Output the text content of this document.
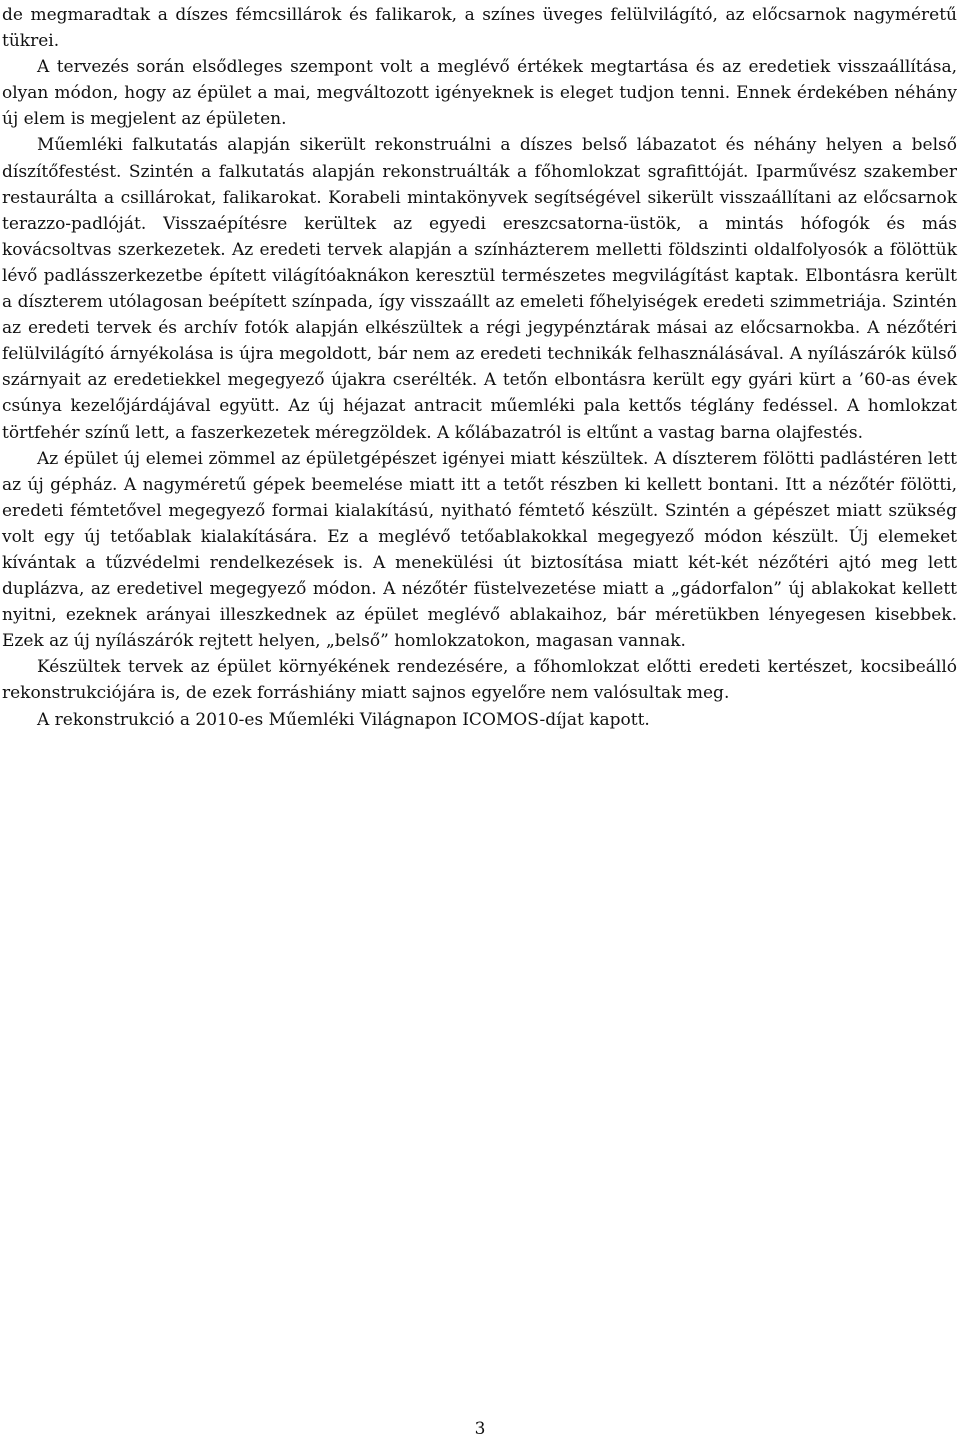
de megmaradtak a díszes fémcsillárok és falikarok, a színes üveges felülvilágító, az előcsarnok nagyméretű tükrei.

A tervezés során elsődleges szempont volt a meglévő értékek megtartása és az eredetiek visszaállítása, olyan módon, hogy az épület a mai, megváltozott igényeknek is eleget tudjon tenni. Ennek érdekében néhány új elem is megjelent az épületen.

Műemléki falkutatás alapján sikerült rekonstruálni a díszes belső lábazatot és néhány helyen a belső díszítőfestést. Szintén a falkutatás alapján rekonstruálták a főhomlokzat sgrafittóját. Iparművész szakember restaurálta a csillárokat, falikarokat. Korabeli mintakönyvek segítségével sikerült visszaállítani az előcsarnok terazzo-padlóját. Visszaépítésre kerültek az egyedi ereszcsatorna-üstök, a mintás hófogók és más kovácsoltvas szerkezetek. Az eredeti tervek alapján a színházterem melletti földszinti oldalfolyosók a fölöttük lévő padlásszerkezetbe épített világítóaknákon keresztül természetes megvilágítást kaptak. Elbontásra került a díszterem utólagosan beépített színpada, így visszaállt az emeleti főhelyiségek eredeti szimmetriája. Szintén az eredeti tervek és archív fotók alapján elkészültek a régi jegypénztárak másai az előcsarnokba. A nézőtéri felülvilágító árnyékolása is újra megoldott, bár nem az eredeti technikák felhasználásával. A nyílászárók külső szárnyait az eredetiekkel megegyező újakra cserélték. A tetőn elbontásra került egy gyári kürt a ’60-as évek csúnya kezelőjárdájával együtt. Az új héjazat antracit műemléki pala kettős téglány fedéssel. A homlokzat törtfehér színű lett, a faszerkezetek méregzöldek. A kőlábazatról is eltűnt a vastag barna olajfestés.

Az épület új elemei zömmel az épületgépészet igényei miatt készültek. A díszterem fölötti padlástéren lett az új gépház. A nagyméretű gépek beemelése miatt itt a tetőt részben ki kellett bontani. Itt a nézőtér fölötti, eredeti fémtetővel megegyező formai kialakítású, nyitható fémtető készült. Szintén a gépészet miatt szükség volt egy új tetőablak kialakítására. Ez a meglévő tetőablakokkal megegyező módon készült. Új elemeket kívántak a tűzvédelmi rendelkezések is. A menekülési út biztosítása miatt két-két nézőtéri ajtó meg lett duplázva, az eredetivel megegyező módon. A nézőtér füstelvezetése miatt a „gádorfalon” új ablakokat kellett nyitni, ezeknek arányai illeszkednek az épület meglévő ablakaihoz, bár méretükben lényegesen kisebbek. Ezek az új nyílászárók rejtett helyen, „belső” homlokzatokon, magasan vannak.

Készültek tervek az épület környékének rendezésére, a főhomlokzat előtti eredeti kertészet, kocsibeálló rekonstrukciójára is, de ezek forráshiány miatt sajnos egyelőre nem valósultak meg.

A rekonstrukció a 2010-es Műemléki Világnapon ICOMOS-díjat kapott.

3
